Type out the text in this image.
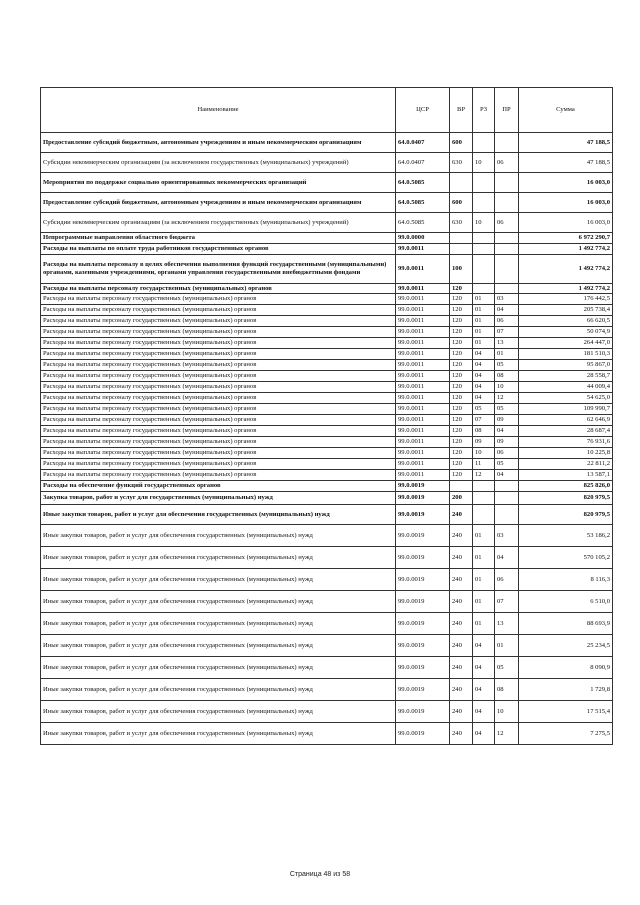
Наименование	ЦСР	ВР	РЗ	ПР	Сумма
Предоставление субсидий бюджетным, автономным учреждениям и иным некоммерческим организациям	64.0.0407	600			47 188,5
Субсидии некоммерческим организациям (за исключением государственных (муниципальных) учреждений)	64.0.0407	630	10	06	47 188,5
Мероприятия по поддержке социально ориентированных некоммерческих организаций	64.0.5085				16 003,0
Предоставление субсидий бюджетным, автономным учреждениям и иным некоммерческим организациям	64.0.5085	600			16 003,0
Субсидии некоммерческим организациям (за исключением государственных (муниципальных) учреждений)	64.0.5085	630	10	06	16 003,0
Непрограммные направления областного бюджета	99.0.0000				6 972 290,7
Расходы на выплаты по оплате труда работников государственных органов	99.0.0011				1 492 774,2
Расходы на выплаты персоналу в целях обеспечения выполнения функций государственными (муниципальными) органами, казенными учреждениями, органами управления государственными внебюджетными фондами	99.0.0011	100			1 492 774,2
Расходы на выплаты персоналу государственных (муниципальных) органов	99.0.0011	120			1 492 774,2
Расходы на выплаты персоналу государственных (муниципальных) органов	99.0.0011	120	01	03	176 442,5
Расходы на выплаты персоналу государственных (муниципальных) органов	99.0.0011	120	01	04	205 738,4
Расходы на выплаты персоналу государственных (муниципальных) органов	99.0.0011	120	01	06	66 620,5
Расходы на выплаты персоналу государственных (муниципальных) органов	99.0.0011	120	01	07	50 074,9
Расходы на выплаты персоналу государственных (муниципальных) органов	99.0.0011	120	01	13	264 447,0
Расходы на выплаты персоналу государственных (муниципальных) органов	99.0.0011	120	04	01	181 510,3
Расходы на выплаты персоналу государственных (муниципальных) органов	99.0.0011	120	04	05	95 867,0
Расходы на выплаты персоналу государственных (муниципальных) органов	99.0.0011	120	04	08	28 558,7
Расходы на выплаты персоналу государственных (муниципальных) органов	99.0.0011	120	04	10	44 009,4
Расходы на выплаты персоналу государственных (муниципальных) органов	99.0.0011	120	04	12	54 625,0
Расходы на выплаты персоналу государственных (муниципальных) органов	99.0.0011	120	05	05	109 990,7
Расходы на выплаты персоналу государственных (муниципальных) органов	99.0.0011	120	07	09	62 646,9
Расходы на выплаты персоналу государственных (муниципальных) органов	99.0.0011	120	08	04	28 687,4
Расходы на выплаты персоналу государственных (муниципальных) органов	99.0.0011	120	09	09	76 931,6
Расходы на выплаты персоналу государственных (муниципальных) органов	99.0.0011	120	10	06	10 225,8
Расходы на выплаты персоналу государственных (муниципальных) органов	99.0.0011	120	11	05	22 811,2
Расходы на выплаты персоналу государственных (муниципальных) органов	99.0.0011	120	12	04	13 587,1
Расходы на обеспечение функций государственных органов	99.0.0019				825 826,0
Закупка товаров, работ и услуг для государственных (муниципальных) нужд	99.0.0019	200			820 979,5
Иные закупки товаров, работ и услуг для обеспечения государственных (муниципальных) нужд	99.0.0019	240			820 979,5
Иные закупки товаров, работ и услуг для обеспечения государственных (муниципальных) нужд	99.0.0019	240	01	03	53 186,2
Иные закупки товаров, работ и услуг для обеспечения государственных (муниципальных) нужд	99.0.0019	240	01	04	570 105,2
Иные закупки товаров, работ и услуг для обеспечения государственных (муниципальных) нужд	99.0.0019	240	01	06	8 116,3
Иные закупки товаров, работ и услуг для обеспечения государственных (муниципальных) нужд	99.0.0019	240	01	07	6 510,0
Иные закупки товаров, работ и услуг для обеспечения государственных (муниципальных) нужд	99.0.0019	240	01	13	88 693,9
Иные закупки товаров, работ и услуг для обеспечения государственных (муниципальных) нужд	99.0.0019	240	04	01	25 234,5
Иные закупки товаров, работ и услуг для обеспечения государственных (муниципальных) нужд	99.0.0019	240	04	05	8 090,9
Иные закупки товаров, работ и услуг для обеспечения государственных (муниципальных) нужд	99.0.0019	240	04	08	1 729,8
Иные закупки товаров, работ и услуг для обеспечения государственных (муниципальных) нужд	99.0.0019	240	04	10	17 515,4
Иные закупки товаров, работ и услуг для обеспечения государственных (муниципальных) нужд	99.0.0019	240	04	12	7 275,5
Страница 48 из 58
